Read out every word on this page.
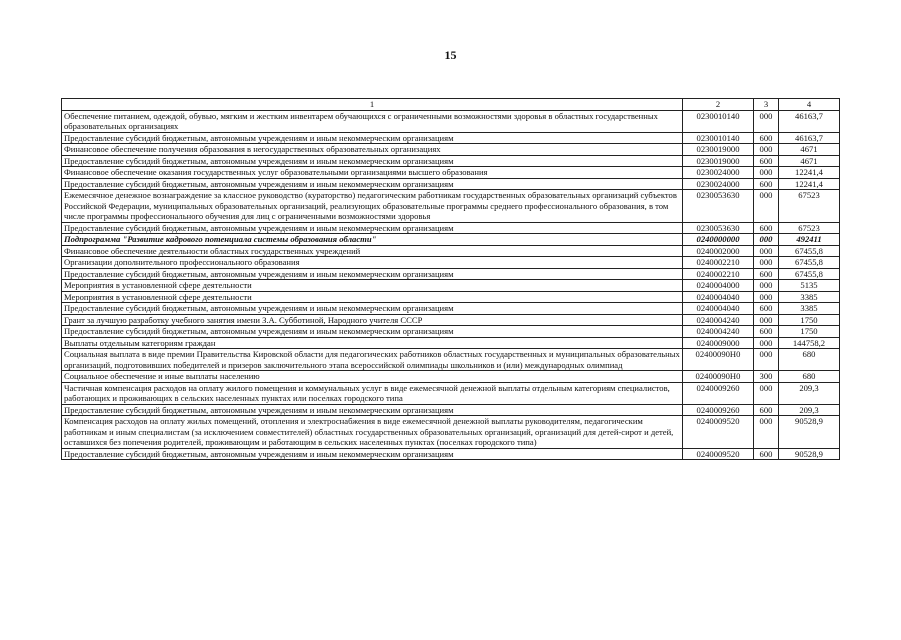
15
1	2	3	4
Обеспечение питанием, одеждой, обувью, мягким и жестким инвентарем обучающихся с ограниченными возможностями здоровья в областных государственных образовательных организациях	0230010140	000	46163,7
Предоставление субсидий бюджетным, автономным учреждениям и иным некоммерческим организациям	0230010140	600	46163,7
Финансовое обеспечение получения образования в негосударственных образовательных организациях	0230019000	000	4671
Предоставление субсидий бюджетным, автономным учреждениям и иным некоммерческим организациям	0230019000	600	4671
Финансовое обеспечение оказания государственных услуг образовательными организациями высшего образования	0230024000	000	12241,4
Предоставление субсидий бюджетным, автономным учреждениям и иным некоммерческим организациям	0230024000	600	12241,4
Ежемесячное денежное вознаграждение за классное руководство (кураторство) педагогическим работникам государственных образовательных организаций субъектов Российской Федерации, муниципальных образовательных организаций, реализующих образовательные программы среднего профессионального образования, в том числе программы профессионального обучения для лиц с ограниченными возможностями здоровья	0230053630	000	67523
Предоставление субсидий бюджетным, автономным учреждениям и иным некоммерческим организациям	0230053630	600	67523
Подпрограмма "Развитие кадрового потенциала системы образования области"	0240000000	000	492411
Финансовое обеспечение деятельности областных государственных учреждений	0240002000	000	67455,8
Организации дополнительного профессионального образования	0240002210	000	67455,8
Предоставление субсидий бюджетным, автономным учреждениям и иным некоммерческим организациям	0240002210	600	67455,8
Мероприятия в установленной сфере деятельности	0240004000	000	5135
Мероприятия в установленной сфере деятельности	0240004040	000	3385
Предоставление субсидий бюджетным, автономным учреждениям и иным некоммерческим организациям	0240004040	600	3385
Грант за лучшую разработку учебного занятия имени З.А. Субботиной, Народного учителя СССР	0240004240	000	1750
Предоставление субсидий бюджетным, автономным учреждениям и иным некоммерческим организациям	0240004240	600	1750
Выплаты отдельным категориям граждан	0240009000	000	144758,2
Социальная выплата в виде премии Правительства Кировской области для педагогических работников областных государственных и муниципальных образовательных организаций, подготовивших победителей и призеров заключительного этапа всероссийской олимпиады школьников и (или) международных олимпиад	02400090Н0	000	680
Социальное обеспечение и иные выплаты населению	02400090Н0	300	680
Частичная компенсация расходов на оплату жилого помещения и коммунальных услуг в виде ежемесячной денежной выплаты отдельным категориям специалистов, работающих и проживающих в сельских населенных пунктах или поселках городского типа	0240009260	000	209,3
Предоставление субсидий бюджетным, автономным учреждениям и иным некоммерческим организациям	0240009260	600	209,3
Компенсация расходов на оплату жилых помещений, отопления и электроснабжения в виде ежемесячной денежной выплаты руководителям, педагогическим работникам и иным специалистам (за исключением совместителей) областных государственных образовательных организаций, организаций для детей-сирот и детей, оставшихся без попечения родителей, проживающим и работающим в сельских населенных пунктах (поселках городского типа)	0240009520	000	90528,9
Предоставление субсидий бюджетным, автономным учреждениям и иным некоммерческим организациям	0240009520	600	90528,9
